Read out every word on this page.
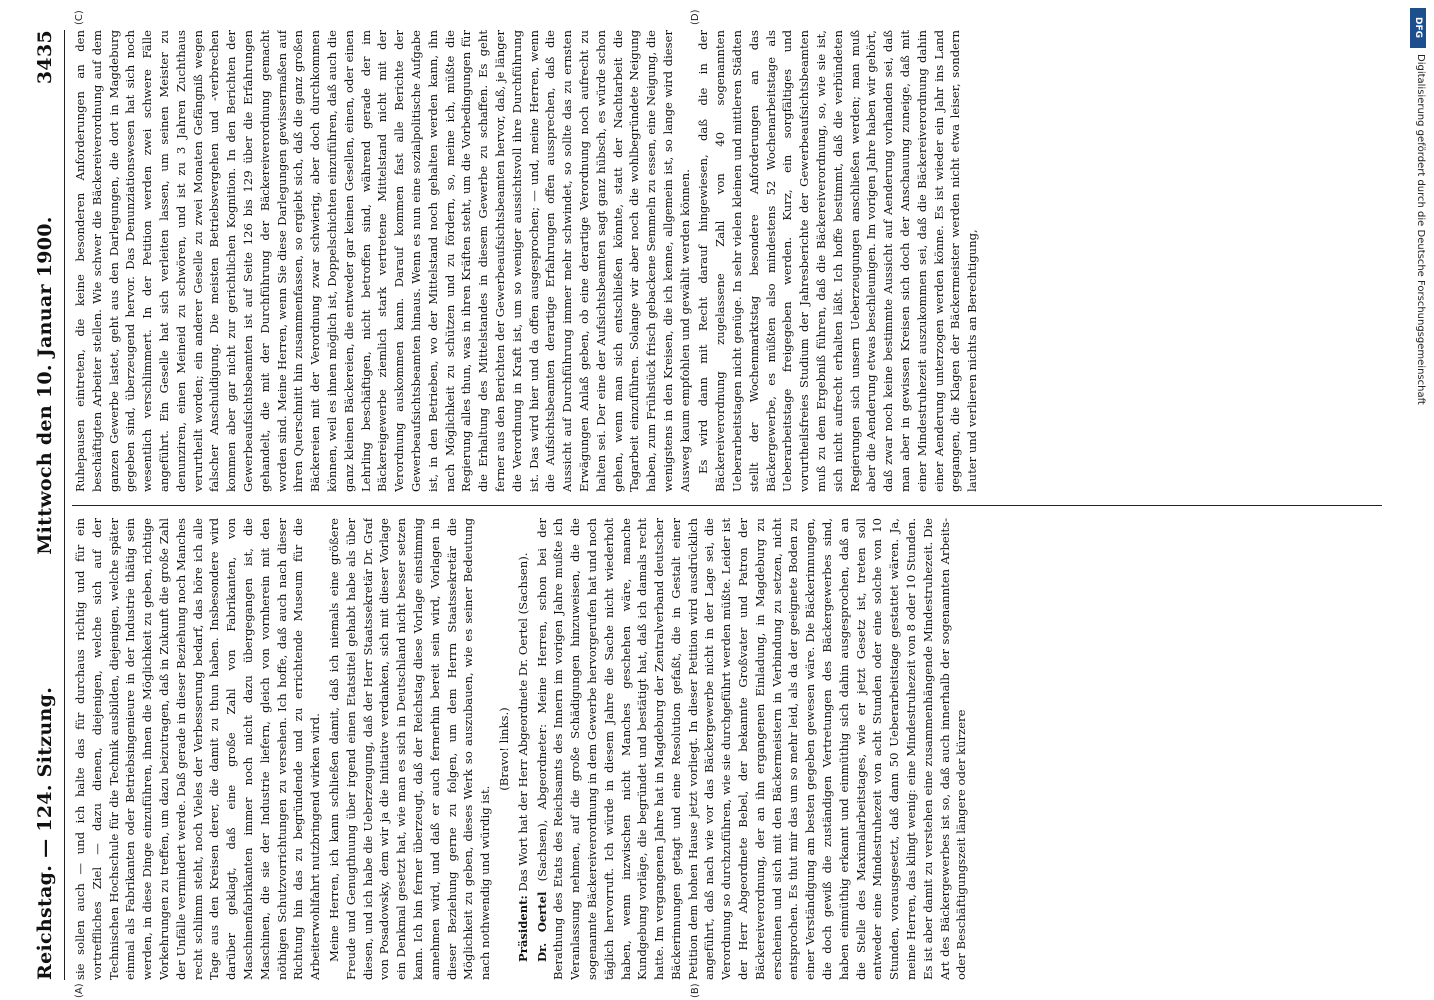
Reichstag. — 124. Sitzung.
Mittwoch den 10. Januar 1900.
3435
(A)	(B)
(C)	(D)

sie sollen auch — und ich halte das für durchaus richtig und für ein vortreffliches Ziel — dazu dienen, diejenigen, welche sich auf der Technischen Hochschule für die Technik ausbilden, diejenigen, welche später einmal als Fabrikanten oder Betriebsingenieure in der Industrie thätig sein werden, in diese Dinge einzuführen, ihnen die Möglichkeit zu geben, richtige Vorkehrungen zu treffen, um dazu beizutragen, daß in Zukunft die große Zahl der Unfälle vermindert werde. Daß gerade in dieser Beziehung noch Manches recht schlimm steht, noch Vieles der Verbesserung bedarf, das höre ich alle Tage aus den Kreisen derer, die damit zu thun haben. Insbesondere wird darüber geklagt, daß eine große Zahl von Fabrikanten, von Maschinenfabrikanten immer noch nicht dazu übergegangen ist, die Maschinen, die sie der Industrie liefern, gleich von vornherein mit den nöthigen Schutzvorrichtungen zu versehen. Ich hoffe, daß auch nach dieser Richtung hin das zu begründende und zu errichtende Museum für die Arbeiterwohlfahrt nutzbringend wirken wird. Meine Herren, ich kann schließen damit, daß ich niemals eine größere Freude und Genugthuung über irgend einen Etatstitel gehabt habe als über diesen, und ich habe die Ueberzeugung, daß der Herr Staatssekretär Dr. Graf von Posadowsky, dem wir ja die Initiative verdanken, sich mit dieser Vorlage ein Denkmal gesetzt hat, wie man es sich in Deutschland nicht besser setzen kann. Ich bin ferner überzeugt, daß der Reichstag diese Vorlage einstimmig annehmen wird, und daß er auch fernerhin bereit sein wird, Vorlagen in dieser Beziehung gerne zu folgen, um dem Herrn Staatssekretär die Möglichkeit zu geben, dieses Werk so auszubauen, wie es seiner Bedeutung nach nothwendig und würdig ist.

(Bravo! links.)

Präsident: Das Wort hat der Herr Abgeordnete Dr. Oertel (Sachsen).

Dr. Oertel (Sachsen), Abgeordneter: Meine Herren, schon bei der Berathung des Etats des Reichsamts des Innern im vorigen Jahre mußte ich Veranlassung nehmen, auf die große Schädigungen hinzuweisen, die die sogenannte Bäckereiverordnung in dem Gewerbe hervorgerufen hat und noch täglich hervorruft. Ich würde in diesem Jahre die Sache nicht wiederholt haben, wenn inzwischen nicht Manches geschehen wäre, manche Kundgebung vorläge, die begründet und bestätigt hat, daß ich damals recht hatte. Im vergangenen Jahre hat in Magdeburg der Zentralverband deutscher Bäckerinnungen getagt und eine Resolution gefaßt, die in Gestalt einer Petition dem hohen Hause jetzt vorliegt. In dieser Petition wird ausdrücklich angeführt, daß nach wie vor das Bäckergewerbe nicht in der Lage sei, die Verordnung so durchzuführen, wie sie durchgeführt werden müßte. Leider ist der Herr Abgeordnete Bebel, der bekannte Großvater und Patron der Bäckereiverordnung, der an ihn ergangenen Einladung, in Magdeburg zu erscheinen und sich mit den Bäckermeistern in Verbindung zu setzen, nicht entsprochen. Es thut mir das um so mehr leid, als da der geeignete Boden zu einer Verständigung am besten gegeben gewesen wäre. Die Bäckerinnungen, die doch gewiß die zuständigen Vertretungen des Bäckergewerbes sind, haben einmüthig erkannt und einmüthig sich dahin ausgesprochen, daß an die Stelle des Maximalarbeitstages, wie er jetzt Gesetz ist, treten soll entweder eine Mindestruhezeit von acht Stunden oder eine solche von 10 Stunden, vorausgesetzt, daß dann 50 Ueberarbeitstage gestattet wären. Ja, meine Herren, das klingt wenig: eine Mindestruhezeit von 8 oder 10 Stunden. Es ist aber damit zu verstehen eine zusammenhängende Mindestruhezeit. Die Art des Bäckergewerbes ist so, daß auch innerhalb der sogenannten Arbeits- oder Beschäftigungszeit längere oder kürzere

Ruhepausen eintreten, die keine besonderen Anforderungen an den beschäftigten Arbeiter stellen. Wie schwer die Bäckereiverordnung auf dem ganzen Gewerbe lastet, geht aus den Darlegungen, die dort in Magdeburg gegeben sind, überzeugend hervor. Das Denunziationswesen hat sich noch wesentlich verschlimmert. In der Petition werden zwei schwere Fälle angeführt. Ein Geselle hat sich verleiten lassen, um seinen Meister zu denunziren, einen Meineid zu schwören, und ist zu 3 Jahren Zuchthaus verurtheilt worden; ein anderer Geselle zu zwei Monaten Gefängniß wegen falscher Anschuldigung. Die meisten Betriebsvergehen und -verbrechen kommen aber gar nicht zur gerichtlichen Kognition. In den Berichten der Gewerbeaufsichtsbeamten ist auf Seite 126 bis 129 über die Erfahrungen gehandelt, die mit der Durchführung der Bäckereiverordnung gemacht worden sind. Meine Herren, wenn Sie diese Darlegungen gewissermaßen auf ihren Querschnitt hin zusammenfassen, so ergiebt sich, daß die ganz großen Bäckereien mit der Verordnung zwar schwierig, aber doch durchkommen können, weil es ihnen möglich ist, Doppelschichten einzuführen, daß auch die ganz kleinen Bäckereien, die entweder gar keinen Gesellen, einen, oder einen Lehrling beschäftigen, nicht betroffen sind, während gerade der im Bäckereigewerbe ziemlich stark vertretene Mittelstand nicht mit der Verordnung auskommen kann. Darauf kommen fast alle Berichte der Gewerbeaufsichtsbeamten hinaus. Wenn es nun eine sozialpolitische Aufgabe ist, in den Betrieben, wo der Mittelstand noch gehalten werden kann, ihn nach Möglichkeit zu schützen und zu fördern, so, meine ich, müßte die Regierung alles thun, was in ihren Kräften steht, um die Vorbedingungen für die Erhaltung des Mittelstandes in diesem Gewerbe zu schaffen. Es geht ferner aus den Berichten der Gewerbeaufsichtsbeamten hervor, daß, je länger die Verordnung in Kraft ist, um so weniger aussichtsvoll ihre Durchführung ist. Das wird hier und da offen ausgesprochen; — und, meine Herren, wenn die Aufsichtsbeamten derartige Erfahrungen offen aussprechen, daß die Aussicht auf Durchführung immer mehr schwindet, so sollte das zu ernsten Erwägungen Anlaß geben, ob eine derartige Verordnung noch aufrecht zu halten sei. Der eine der Aufsichtsbeamten sagt ganz hübsch, es würde schon gehen, wenn man sich entschließen könnte, statt der Nachtarbeit die Tagarbeit einzuführen. Solange wir aber noch die wohlbegründete Neigung haben, zum Frühstück frisch gebackene Semmeln zu essen, eine Neigung, die wenigstens in den Kreisen, die ich kenne, allgemein ist, so lange wird dieser Ausweg kaum empfohlen und gewählt werden können. Es wird dann mit Recht darauf hingewiesen, daß die in der Bäckereiverordnung zugelassene Zahl von 40 sogenannten Ueberarbeitstagen nicht genüge. In sehr vielen kleinen und mittleren Städten stellt der Wochenmarktstag besondere Anforderungen an das Bäckergewerbe, es müßten also mindestens 52 Wochenarbeitstage als Ueberarbeitstage freigegeben werden. Kurz, ein sorgfältiges und vorurtheilsfreies Studium der Jahresberichte der Gewerbeaufsichtsbeamten muß zu dem Ergebniß führen, daß die Bäckereiverordnung, so, wie sie ist, sich nicht aufrecht erhalten läßt. Ich hoffe bestimmt, daß die verbündeten Regierungen sich unsern Ueberzeugungen anschließen werden; man muß aber die Aenderung etwas beschleunigen. Im vorigen Jahre haben wir gehört, daß zwar noch keine bestimmte Aussicht auf Aenderung vorhanden sei, daß man aber in gewissen Kreisen sich doch der Anschauung zuneige, daß mit einer Mindestruhezeit auszukommen sei, daß die Bäckereiverordnung dahin einer Aenderung unterzogen werden könne. Es ist wieder ein Jahr ins Land gegangen, die Klagen der Bäckermeister werden nicht etwa leiser, sondern lauter und verlieren nichts an Berechtigung,

DFG
Digitalisierung gefördert durch die Deutsche Forschungsgemeinschaft
